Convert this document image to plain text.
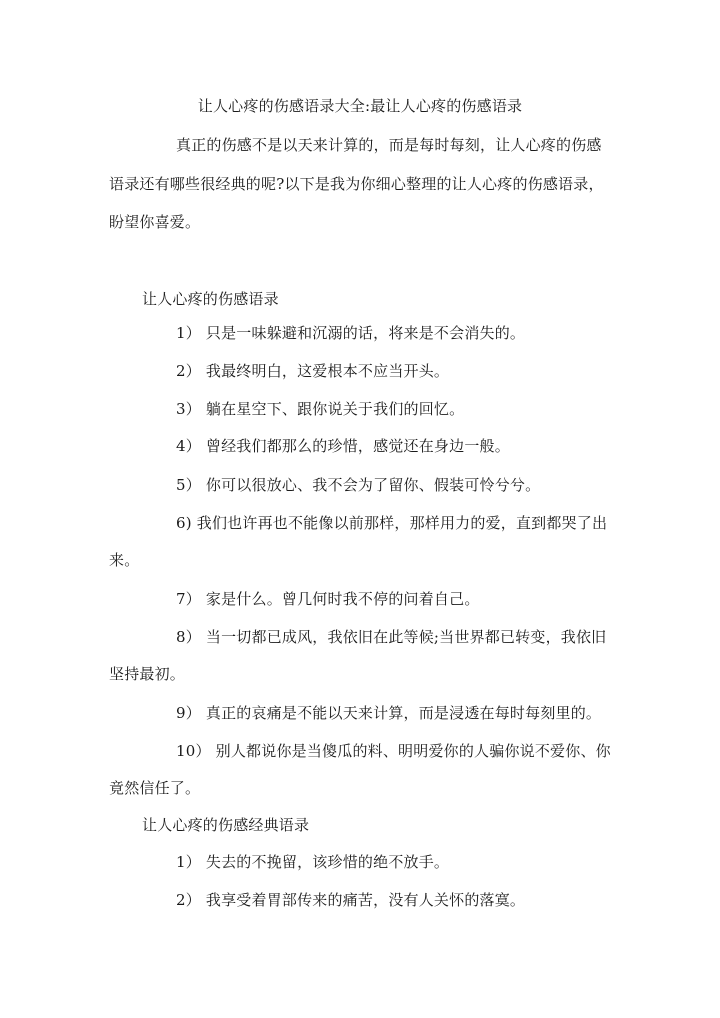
让人心疼的伤感语录大全:最让人心疼的伤感语录
真正的伤感不是以天来计算的，而是每时每刻，让人心疼的伤感
语录还有哪些很经典的呢?以下是我为你细心整理的让人心疼的伤感语录，
盼望你喜爱。
让人心疼的伤感语录
1） 只是一味躲避和沉溺的话，将来是不会消失的。
2） 我最终明白，这爱根本不应当开头。
3） 躺在星空下、跟你说关于我们的回忆。
4） 曾经我们都那么的珍惜，感觉还在身边一般。
5） 你可以很放心、我不会为了留你、假装可怜兮兮。
6) 我们也许再也不能像以前那样，那样用力的爱，直到都哭了出
来。
7） 家是什么。曾几何时我不停的问着自己。
8） 当一切都已成风，我依旧在此等候;当世界都已转变，我依旧
坚持最初。
9） 真正的哀痛是不能以天来计算，而是浸透在每时每刻里的。
10） 别人都说你是当傻瓜的料、明明爱你的人骗你说不爱你、你
竟然信任了。
让人心疼的伤感经典语录
1） 失去的不挽留，该珍惜的绝不放手。
2） 我享受着胃部传来的痛苦，没有人关怀的落寞。
